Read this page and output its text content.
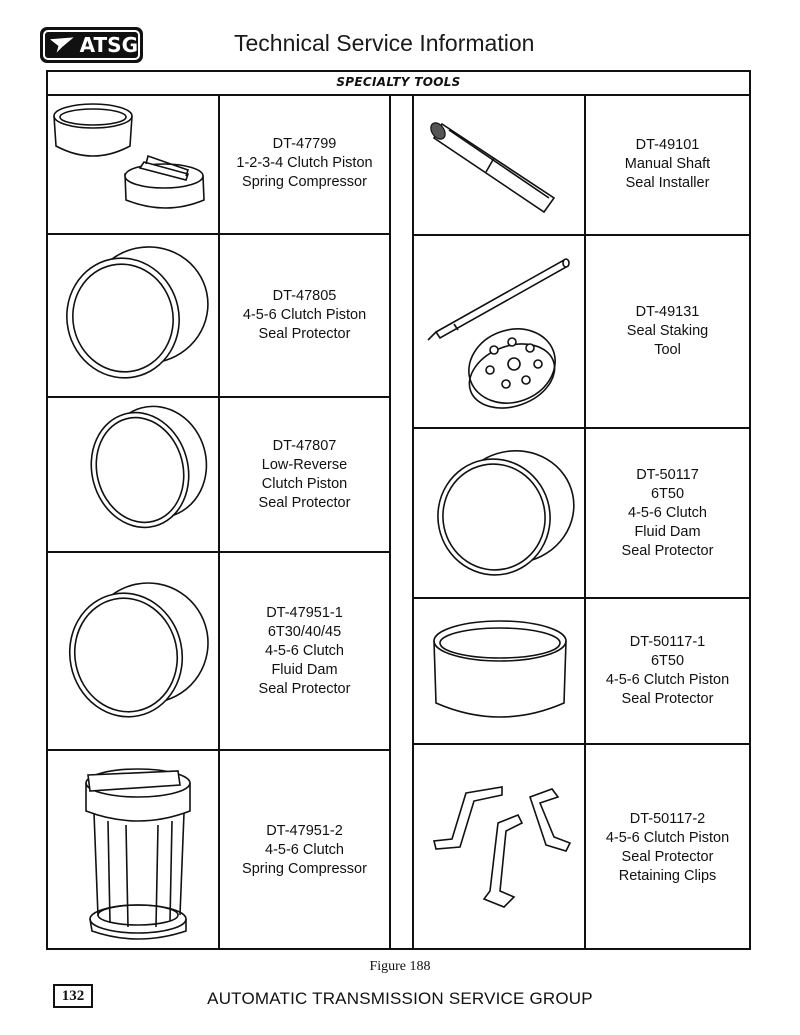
ATSG	Technical Service Information
SPECIALTY TOOLS
DT-47799
1-2-3-4 Clutch Piston
Spring Compressor
DT-47805
4-5-6 Clutch Piston
Seal Protector
DT-47807
Low-Reverse
Clutch Piston
Seal Protector
DT-47951-1
6T30/40/45
4-5-6 Clutch
Fluid Dam
Seal Protector
DT-47951-2
4-5-6 Clutch
Spring Compressor
DT-49101
Manual Shaft
Seal Installer
DT-49131
Seal Staking
Tool
DT-50117
6T50
4-5-6 Clutch
Fluid Dam
Seal Protector
DT-50117-1
6T50
4-5-6 Clutch Piston
Seal Protector
DT-50117-2
4-5-6 Clutch Piston
Seal Protector
Retaining Clips
Figure 188
132	AUTOMATIC TRANSMISSION SERVICE GROUP
